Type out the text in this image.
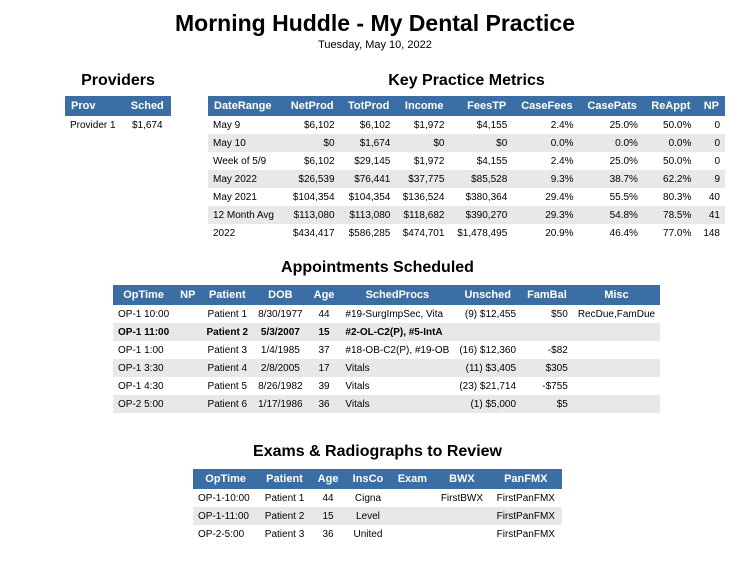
Morning Huddle - My Dental Practice
Tuesday, May 10, 2022
Providers
Prov	Sched
Provider 1	$1,674
Key Practice Metrics
DateRange	NetProd	TotProd	Income	FeesTP	CaseFees	CasePats	ReAppt	NP
May 9	$6,102	$6,102	$1,972	$4,155	2.4%	25.0%	50.0%	0
May 10	$0	$1,674	$0	$0	0.0%	0.0%	0.0%	0
Week of 5/9	$6,102	$29,145	$1,972	$4,155	2.4%	25.0%	50.0%	0
May 2022	$26,539	$76,441	$37,775	$85,528	9.3%	38.7%	62.2%	9
May 2021	$104,354	$104,354	$136,524	$380,364	29.4%	55.5%	80.3%	40
12 Month Avg	$113,080	$113,080	$118,682	$390,270	29.3%	54.8%	78.5%	41
2022	$434,417	$586,285	$474,701	$1,478,495	20.9%	46.4%	77.0%	148
Appointments Scheduled
OpTime	NP	Patient	DOB	Age	SchedProcs	Unsched	FamBal	Misc
OP-1 10:00		Patient 1	8/30/1977	44	#19-SurgImpSec, Vita	(9) $12,455	$50	RecDue,FamDue
OP-1 11:00		Patient 2	5/3/2007	15	#2-OL-C2(P), #5-IntA			
OP-1 1:00		Patient 3	1/4/1985	37	#18-OB-C2(P), #19-OB	(16) $12,360	-$82	
OP-1 3:30		Patient 4	2/8/2005	17	Vitals	(11) $3,405	$305	
OP-1 4:30		Patient 5	8/26/1982	39	Vitals	(23) $21,714	-$755	
OP-2 5:00		Patient 6	1/17/1986	36	Vitals	(1) $5,000	$5	
Exams & Radiographs to Review
OpTime	Patient	Age	InsCo	Exam	BWX	PanFMX
OP-1-10:00	Patient 1	44	Cigna		FirstBWX	FirstPanFMX
OP-1-11:00	Patient 2	15	Level			FirstPanFMX
OP-2-5:00	Patient 3	36	United			FirstPanFMX
